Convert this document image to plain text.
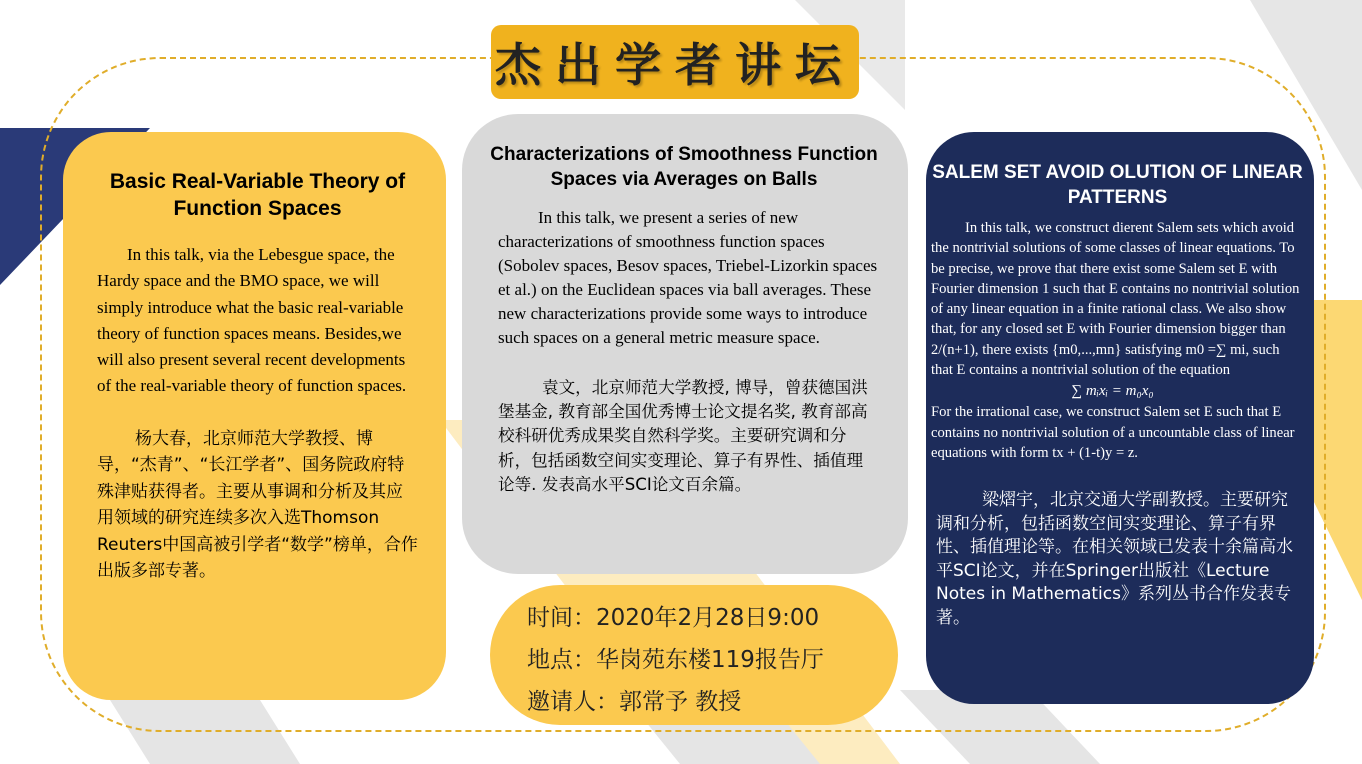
杰出学者讲坛

Basic Real-Variable Theory of Function Spaces

In this talk, via the Lebesgue space, the Hardy space and the BMO space, we will simply introduce what the basic real-variable theory of function spaces means. Besides,we will also present several recent developments of the real-variable theory of function spaces.

杨大春，北京师范大学教授、博导，“杰青”、“长江学者”、国务院政府特殊津贴获得者。主要从事调和分析及其应用领域的研究连续多次入选Thomson Reuters中国高被引学者“数学”榜单，合作出版多部专著。

Characterizations of Smoothness Function Spaces via Averages on Balls

In this talk, we present a series of new characterizations of smoothness function spaces (Sobolev spaces, Besov spaces, Triebel-Lizorkin spaces et al.) on the Euclidean spaces via ball averages. These new characterizations provide some ways to introduce such spaces on a general metric measure space.

袁文，北京师范大学教授, 博导，曾获德国洪堡基金, 教育部全国优秀博士论文提名奖, 教育部高校科研优秀成果奖自然科学奖。主要研究调和分析，包括函数空间实变理论、算子有界性、插值理论等. 发表高水平SCI论文百余篇。

SALEM SET AVOID OLUTION OF LINEAR PATTERNS

In this talk, we construct dierent Salem sets which avoid the nontrivial solutions of some classes of linear equations. To be precise, we prove that there exist some Salem set E with Fourier dimension 1 such that E contains no nontrivial solution of any linear equation in a finite rational class. We also show that, for any closed set E with Fourier dimension bigger than 2/(n+1), there exists {m0,...,mn} satisfying m0 =∑ mi, such that E contains a nontrivial solution of the equation

∑ mᵢxᵢ = m₀x₀

For the irrational case, we construct Salem set E such that E contains no nontrivial solution of a uncountable class of linear equations with form tx + (1-t)y = z.

梁熠宇，北京交通大学副教授。主要研究调和分析，包括函数空间实变理论、算子有界性、插值理论等。在相关领域已发表十余篇高水平SCI论文，并在Springer出版社《Lecture Notes in Mathematics》系列丛书合作发表专著。

时间：2020年2月28日9:00

地点：华岗苑东楼119报告厅

邀请人：郭常予 教授
